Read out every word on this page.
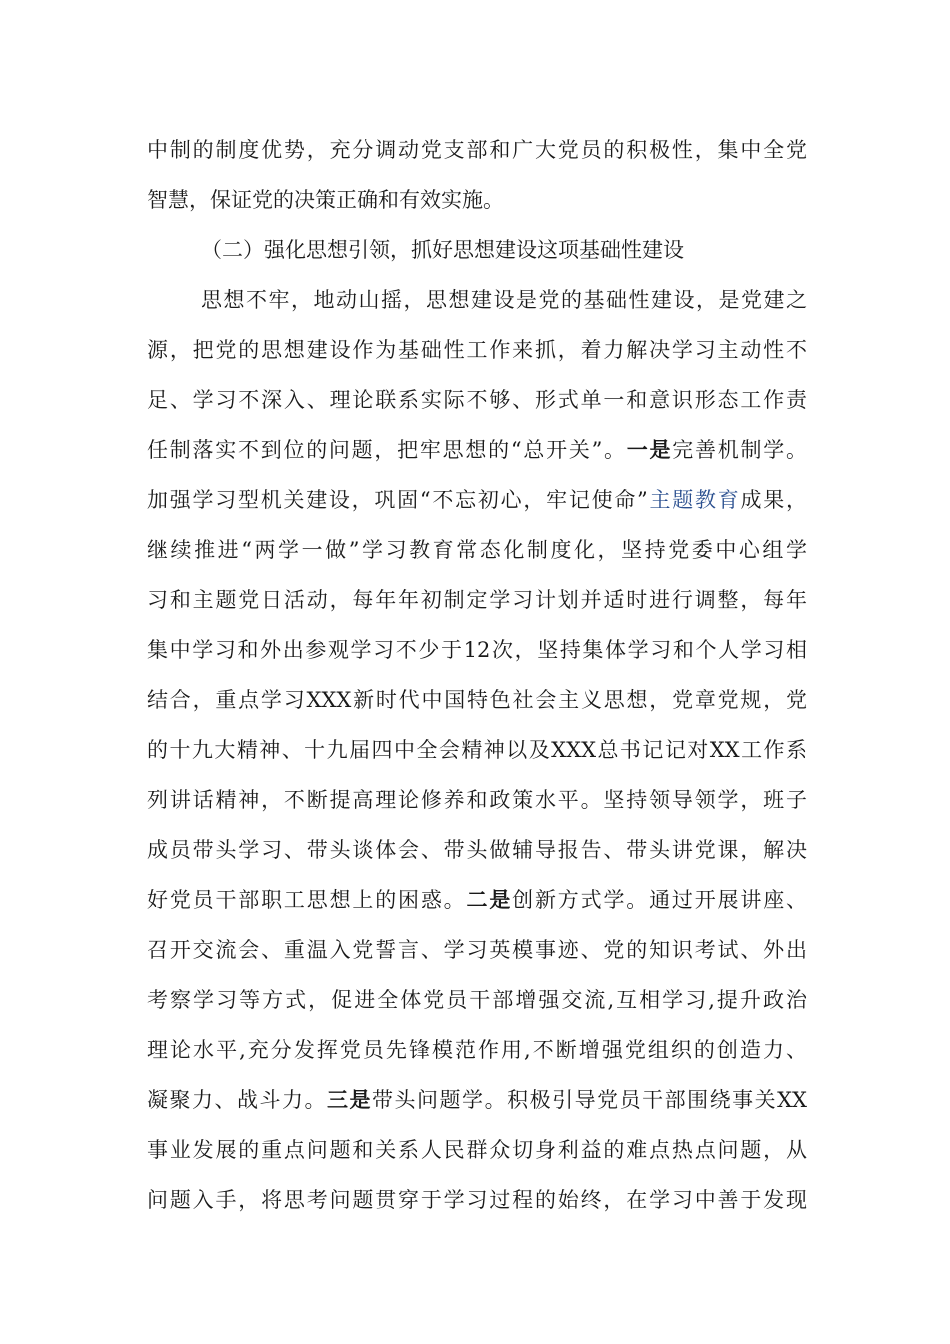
中制的制度优势，充分调动党支部和广大党员的积极性，集中全党
智慧，保证党的决策正确和有效实施。
（二）强化思想引领，抓好思想建设这项基础性建设
思想不牢，地动山摇，思想建设是党的基础性建设，是党建之
源，把党的思想建设作为基础性工作来抓，着力解决学习主动性不
足、学习不深入、理论联系实际不够、形式单一和意识形态工作责
任制落实不到位的问题，把牢思想的“总开关”。一是完善机制学。
加强学习型机关建设，巩固“不忘初心，牢记使命”主题教育成果，
继续推进“两学一做”学习教育常态化制度化，坚持党委中心组学
习和主题党日活动，每年年初制定学习计划并适时进行调整，每年
集中学习和外出参观学习不少于12次，坚持集体学习和个人学习相
结合，重点学习XXX新时代中国特色社会主义思想，党章党规，党
的十九大精神、十九届四中全会精神以及XXX总书记记对XX工作系
列讲话精神，不断提高理论修养和政策水平。坚持领导领学，班子
成员带头学习、带头谈体会、带头做辅导报告、带头讲党课，解决
好党员干部职工思想上的困惑。二是创新方式学。通过开展讲座、
召开交流会、重温入党誓言、学习英模事迹、党的知识考试、外出
考察学习等方式，促进全体党员干部增强交流,互相学习,提升政治
理论水平,充分发挥党员先锋模范作用,不断增强党组织的创造力、
凝聚力、战斗力。三是带头问题学。积极引导党员干部围绕事关XX
事业发展的重点问题和关系人民群众切身利益的难点热点问题，从
问题入手，将思考问题贯穿于学习过程的始终，在学习中善于发现
